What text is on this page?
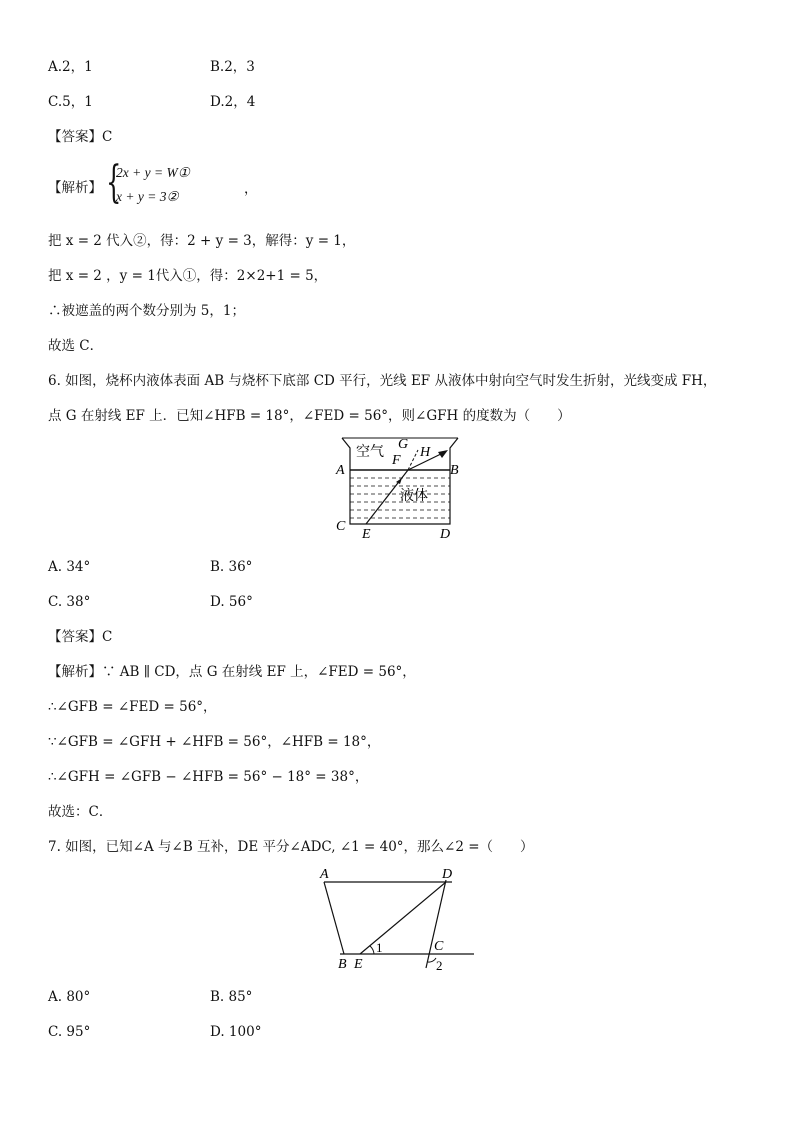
A.2，1	B.2，3
C.5，1	D.2，4
【答案】C
【解析】 {
2x + y = W①
x + y = 3②	，
把 x = 2 代入②，得：2 + y = 3，解得：y = 1，
把 x = 2 ，y = 1代入①，得：2×2+1 = 5，
∴被遮盖的两个数分别为 5，1；
故选 C．
6. 如图，烧杯内液体表面 AB 与烧杯下底部 CD 平行，光线 EF 从液体中射向空气时发生折射，光线变成 FH，
点 G 在射线 EF 上．已知∠HFB = 18°，∠FED = 56°，则∠GFH 的度数为（　　）
空气
液体
A	B
C
D
E
F
G
H
A. 34°	B. 36°
C. 38°	D. 56°
【答案】C
【解析】∵ AB ∥ CD，点 G 在射线 EF 上，∠FED = 56°，
∴∠GFB = ∠FED = 56°，
∵∠GFB = ∠GFH + ∠HFB = 56°，∠HFB = 18°，
∴∠GFH = ∠GFB − ∠HFB = 56° − 18° = 38°，
故选：C．
7. 如图，已知∠A 与∠B 互补，DE 平分∠ADC, ∠1 = 40°，那么∠2 =（　　）
A	D
B E
C
1
2
A. 80°	B. 85°
C. 95°	D. 100°
